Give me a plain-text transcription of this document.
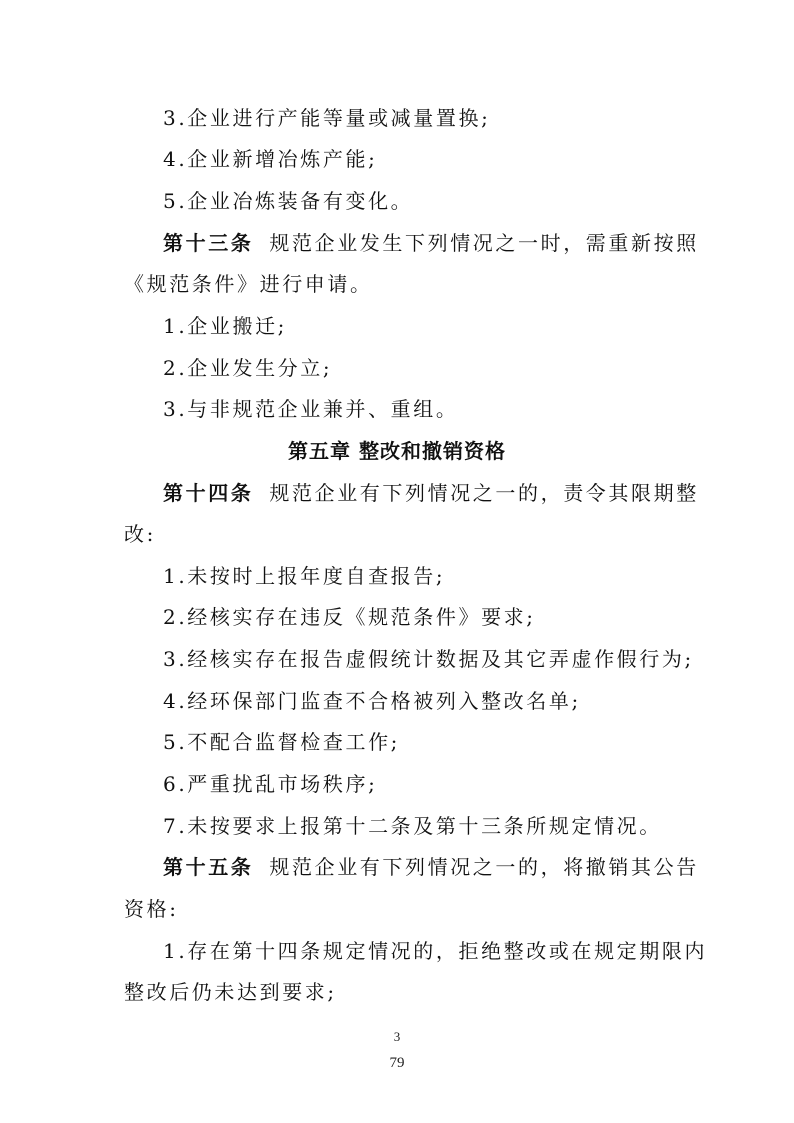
3.企业进行产能等量或减量置换;
4.企业新增冶炼产能;
5.企业冶炼装备有变化。
第十三条 规范企业发生下列情况之一时，需重新按照
《规范条件》进行申请。
1.企业搬迁;
2.企业发生分立;
3.与非规范企业兼并、重组。
第五章 整改和撤销资格
第十四条 规范企业有下列情况之一的，责令其限期整
改:
1.未按时上报年度自查报告;
2.经核实存在违反《规范条件》要求;
3.经核实存在报告虚假统计数据及其它弄虚作假行为;
4.经环保部门监查不合格被列入整改名单;
5.不配合监督检查工作;
6.严重扰乱市场秩序;
7.未按要求上报第十二条及第十三条所规定情况。
第十五条 规范企业有下列情况之一的，将撤销其公告
资格:
1.存在第十四条规定情况的，拒绝整改或在规定期限内
整改后仍未达到要求;
3
79
